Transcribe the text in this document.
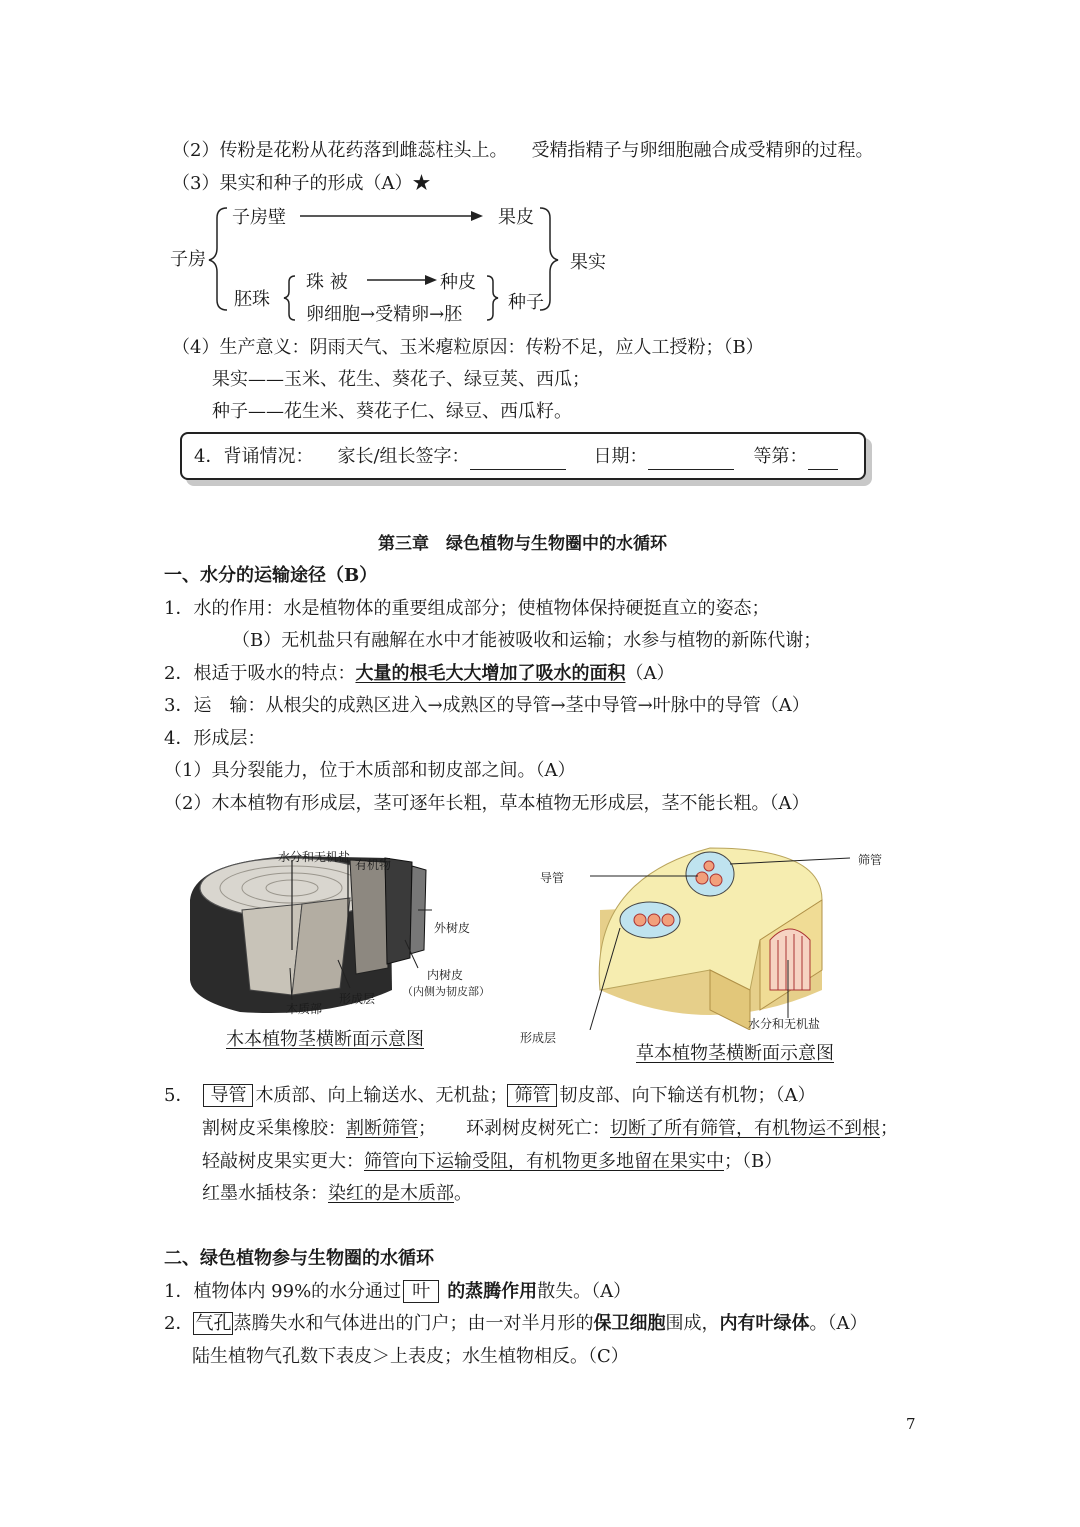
（2）传粉是花粉从花药落到雌蕊柱头上。 受精指精子与卵细胞融合成受精卵的过程。
（3）果实和种子的形成（A）★
子房
子房壁	果皮
果实
胚珠
珠 被	种皮
卵细胞→受精卵→胚
种子
（4）生产意义：阴雨天气、玉米瘪粒原因：传粉不足，应人工授粉；（B）
果实——玉米、花生、葵花子、绿豆荚、西瓜；
种子——花生米、葵花子仁、绿豆、西瓜籽。
4．背诵情况： 家长/组长签字：	日期：	等第：
第三章　绿色植物与生物圈中的水循环
一、水分的运输途径（B）
1．水的作用：水是植物体的重要组成部分；使植物体保持硬挺直立的姿态；
（B）无机盐只有融解在水中才能被吸收和运输；水参与植物的新陈代谢；
2．根适于吸水的特点：大量的根毛大大增加了吸水的面积（A）
3．运　输：从根尖的成熟区进入→成熟区的导管→茎中导管→叶脉中的导管（A）
4．形成层：
（1）具分裂能力，位于木质部和韧皮部之间。（A）
（2）木本植物有形成层，茎可逐年长粗，草本植物无形成层，茎不能长粗。（A）
水分和无机盐
有机物
外树皮
内树皮
（内侧为韧皮部）
形成层
木质部
木本植物茎横断面示意图
导管
筛管
形成层
水分和无机盐
草本植物茎横断面示意图
5． 导管 木质部、向上输送水、无机盐； 筛管 韧皮部、向下输送有机物；（A）
割树皮采集橡胶：割断筛管； 环剥树皮树死亡：切断了所有筛管，有机物运不到根；
轻敲树皮果实更大：筛管向下运输受阻，有机物更多地留在果实中；（B）
红墨水插枝条：染红的是木质部。
二、绿色植物参与生物圈的水循环
1．植物体内 99%的水分通过 叶 的蒸腾作用散失。（A）
2． 气孔 蒸腾失水和气体进出的门户；由一对半月形的保卫细胞围成，内有叶绿体。（A）
陆生植物气孔数下表皮＞上表皮；水生植物相反。（C）
7
